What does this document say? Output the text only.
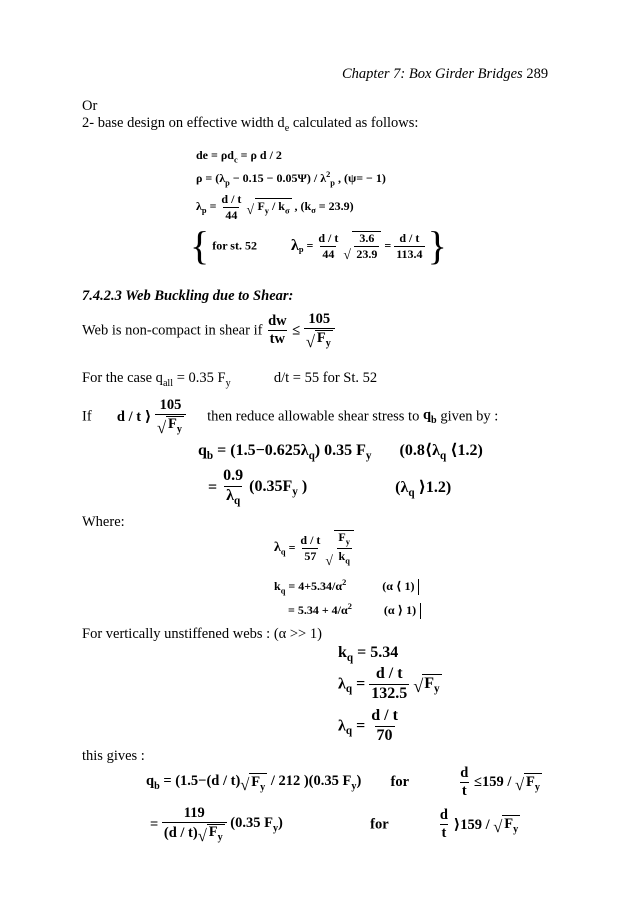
Chapter 7: Box Girder Bridges 289
Or
2- base design on effective width $d_e$ calculated as follows:
de = $\rho d_c = \rho$ d / 2
$\rho = (\lambda_p - 0.15 - 0.05\Psi) / \lambda^2_p$ , (ψ= − 1)
$\lambda_p = \frac{d / t}{44}$
√ $F_y / k_\sigma$ , $(k_\sigma = 23.9)$
{ for st. 52 $\lambda_p = \frac{d / t}{44}$
√ $\frac{3.6}{23.9} = \frac{d / t}{113.4}$ }
7.4.2.3 Web Buckling due to Shear:
Web is non-compact in shear if $\frac{dw}{tw} \le \frac{105}{√ F_y}$
For the case $q_{all} = 0.35$ $F_y$	d/t = 55 for St. 52
If d / t ⟩ $\frac{105}{√ F_y}$ then reduce allowable shear stress to $q_b$ given by :
$q_b = (1.5-0.625\lambda_q)$ 0.35 $F_y$ ($0.8⟨\lambda_q$ ⟨1.2)
= $\frac{0.9}{\lambda_q} (0.35F_y$ )	($\lambda_q$ ⟩1.2)
Where:
$\lambda_q = \frac{d / t}{57}$
√ $\frac{F_y}{k_q}$
$k_q = 4+5.34/\alpha^2$	(α ⟨ 1)
= $5.34 + 4/\alpha^2$	(α ⟩ 1)
For vertically unstiffened webs : (α >> 1)
$k_q = 5.34$
$\lambda_q = \frac{d / t}{132.5}$
√ $F_y$
$\lambda_q = \frac{d / t}{70}$
this gives :
$q_b = (1.5-(d / t)$ √ $F_y / 212$ )(0.35 $F_y$) for	$\frac{d}{t} \le 159$ / √ $F_y$
= $\frac{119}{(d / t) √ F_y} (0.35$ $F_y$)	for	$\frac{d}{t}$ ⟩159 / √ $F_y$
